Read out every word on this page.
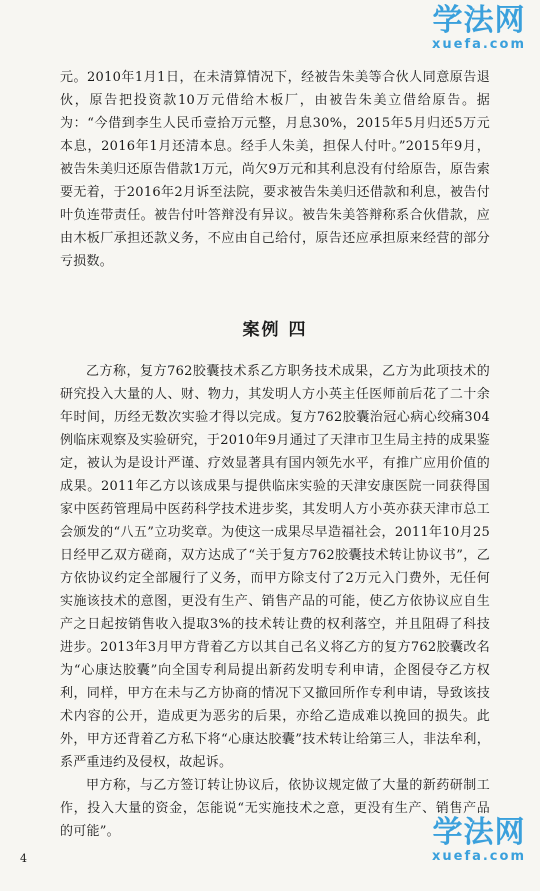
学法网
xuefa.com

元。2010年1月1日，在未清算情况下，经被告朱美等合伙人同意原告退伙，原告把投资款10万元借给木板厂，由被告朱美立借给原告。据为：“今借到李生人民币壹拾万元整，月息30%，2015年5月归还5万元本息，2016年1月还清本息。经手人朱美，担保人付叶。”2015年9月，被告朱美归还原告借款1万元，尚欠9万元和其利息没有付给原告，原告索要无着，于2016年2月诉至法院，要求被告朱美归还借款和利息，被告付叶负连带责任。被告付叶答辩没有异议。被告朱美答辩称系合伙借款，应由木板厂承担还款义务，不应由自己给付，原告还应承担原来经营的部分亏损数。

案例 四

乙方称，复方762胶囊技术系乙方职务技术成果，乙方为此项技术的研究投入大量的人、财、物力，其发明人方小英主任医师前后花了二十余年时间，历经无数次实验才得以完成。复方762胶囊治冠心病心绞痛304例临床观察及实验研究，于2010年9月通过了天津市卫生局主持的成果鉴定，被认为是设计严谨、疗效显著具有国内领先水平，有推广应用价值的成果。2011年乙方以该成果与提供临床实验的天津安康医院一同获得国家中医药管理局中医药科学技术进步奖，其发明人方小英亦获天津市总工会颁发的“八五”立功奖章。为使这一成果尽早造福社会，2011年10月25日经甲乙双方磋商，双方达成了“关于复方762胶囊技术转让协议书”，乙方依协议约定全部履行了义务，而甲方除支付了2万元入门费外，无任何实施该技术的意图，更没有生产、销售产品的可能，使乙方依协议应自生产之日起按销售收入提取3%的技术转让费的权利落空，并且阻碍了科技进步。2013年3月甲方背着乙方以其自己名义将乙方的复方762胶囊改名为“心康达胶囊”向全国专利局提出新药发明专利申请，企图侵夺乙方权利，同样，甲方在未与乙方协商的情况下又撤回所作专利申请，导致该技术内容的公开，造成更为恶劣的后果，亦给乙造成难以挽回的损失。此外，甲方还背着乙方私下将“心康达胶囊”技术转让给第三人，非法牟利，系严重违约及侵权，故起诉。

甲方称，与乙方签订转让协议后，依协议规定做了大量的新药研制工作，投入大量的资金，怎能说“无实施技术之意，更没有生产、销售产品的可能”。

4
学法网
xuefa.com
